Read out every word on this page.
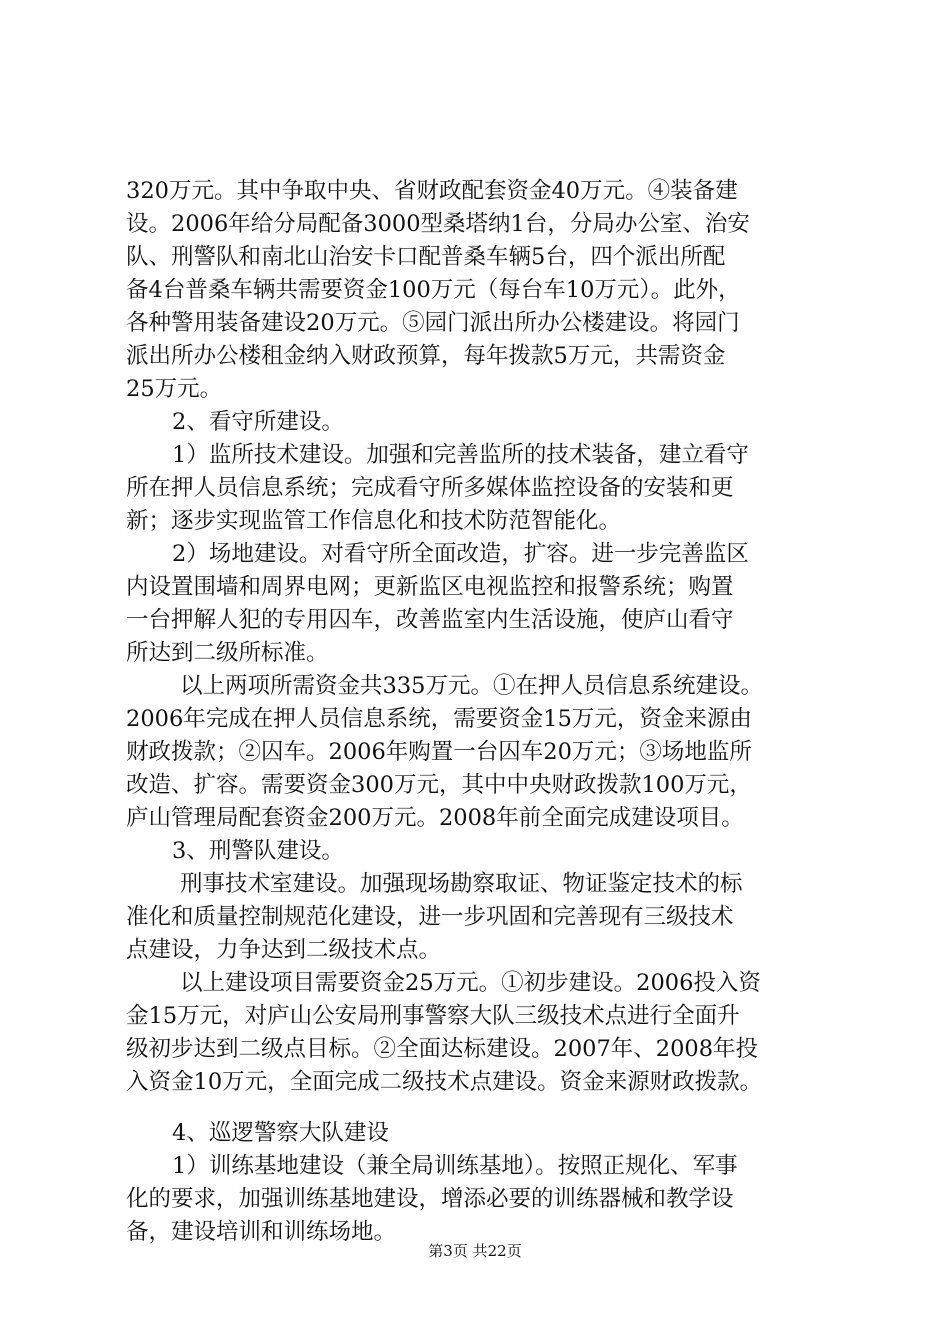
320万元。其中争取中央、省财政配套资金40万元。④装备建
设。2006年给分局配备3000型桑塔纳1台，分局办公室、治安
队、刑警队和南北山治安卡口配普桑车辆5台，四个派出所配
备4台普桑车辆共需要资金100万元（每台车10万元）。此外，
各种警用装备建设20万元。⑤园门派出所办公楼建设。将园门
派出所办公楼租金纳入财政预算，每年拨款5万元，共需资金
25万元。
2、看守所建设。
1）监所技术建设。加强和完善监所的技术装备，建立看守
所在押人员信息系统；完成看守所多媒体监控设备的安装和更
新；逐步实现监管工作信息化和技术防范智能化。
2）场地建设。对看守所全面改造，扩容。进一步完善监区
内设置围墙和周界电网；更新监区电视监控和报警系统；购置
一台押解人犯的专用囚车，改善监室内生活设施，使庐山看守
所达到二级所标准。
以上两项所需资金共335万元。①在押人员信息系统建设。
2006年完成在押人员信息系统，需要资金15万元，资金来源由
财政拨款；②囚车。2006年购置一台囚车20万元；③场地监所
改造、扩容。需要资金300万元，其中中央财政拨款100万元，
庐山管理局配套资金200万元。2008年前全面完成建设项目。
3、刑警队建设。
刑事技术室建设。加强现场勘察取证、物证鉴定技术的标
准化和质量控制规范化建设，进一步巩固和完善现有三级技术
点建设，力争达到二级技术点。
以上建设项目需要资金25万元。①初步建设。2006投入资
金15万元，对庐山公安局刑事警察大队三级技术点进行全面升
级初步达到二级点目标。②全面达标建设。2007年、2008年投
入资金10万元，全面完成二级技术点建设。资金来源财政拨款。
4、巡逻警察大队建设
1）训练基地建设（兼全局训练基地）。按照正规化、军事
化的要求，加强训练基地建设，增添必要的训练器械和教学设
备，建设培训和训练场地。
第3页 共22页
